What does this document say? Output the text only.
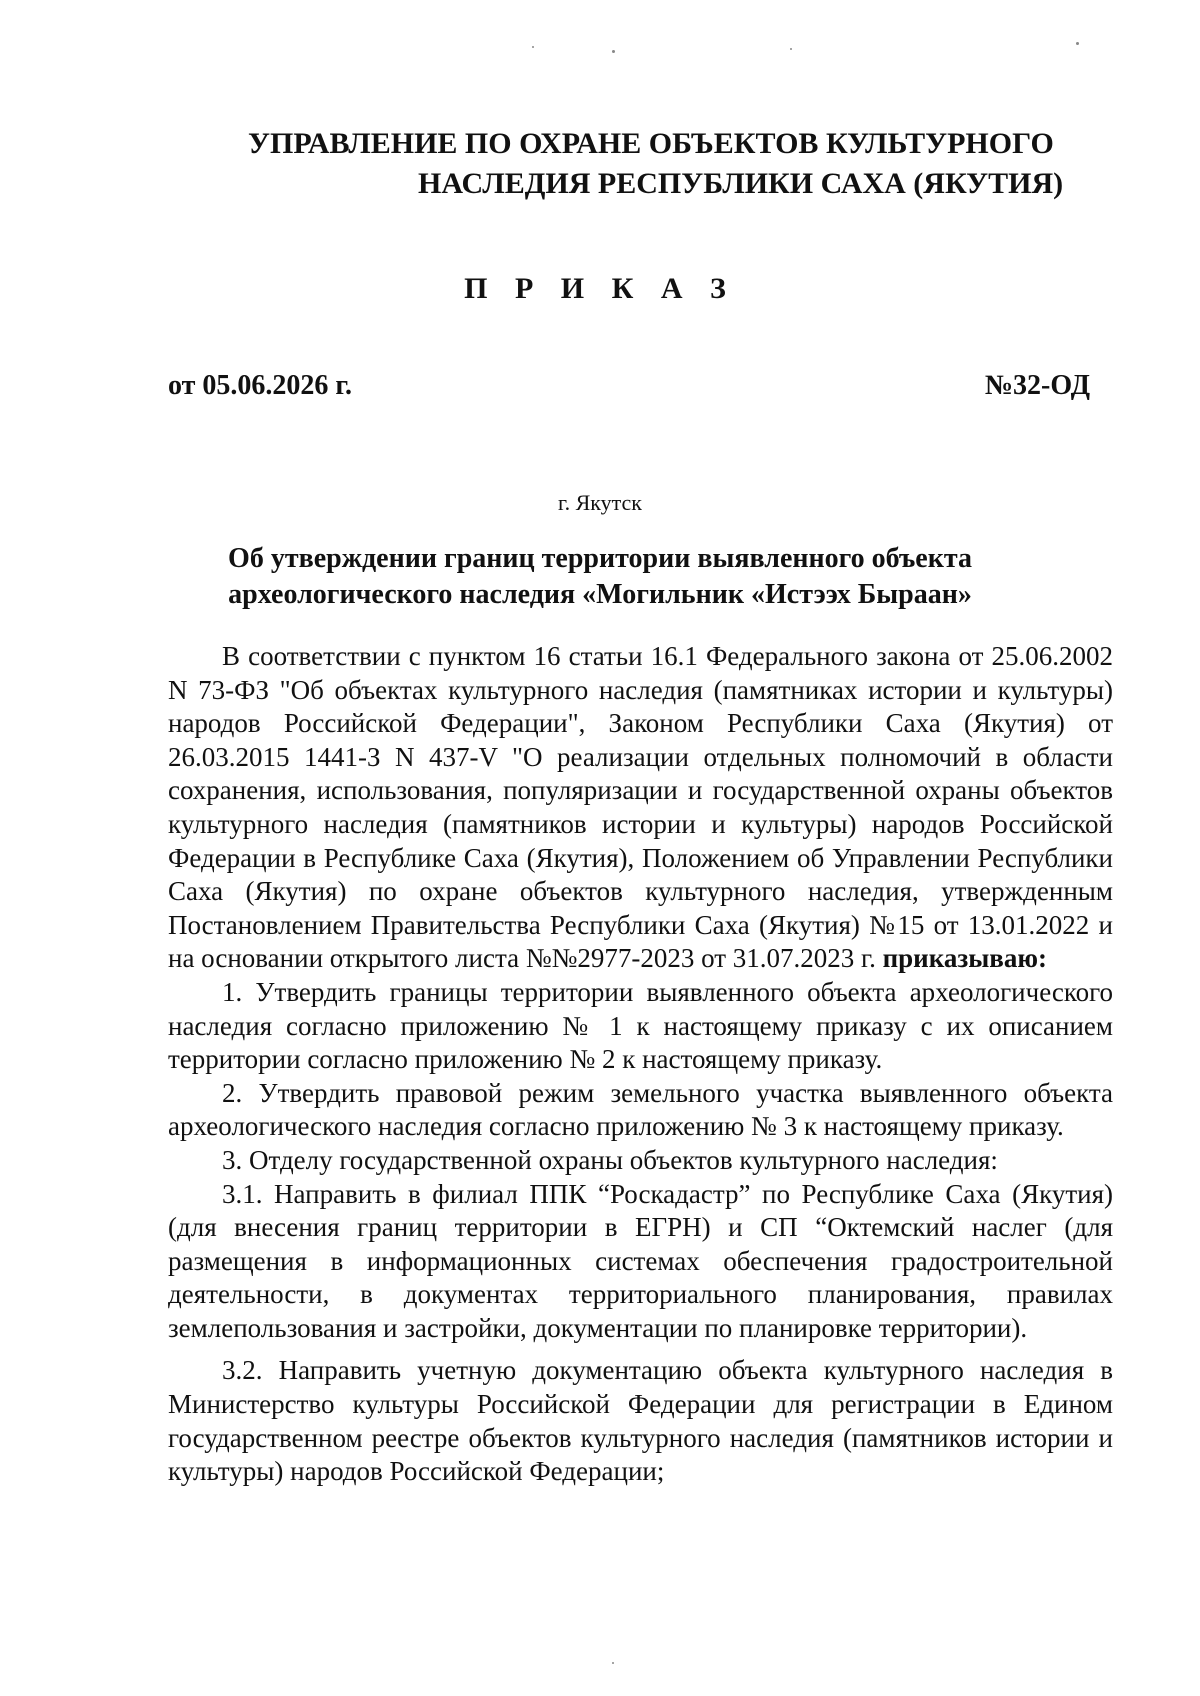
УПРАВЛЕНИЕ ПО ОХРАНЕ ОБЪЕКТОВ КУЛЬТУРНОГО
НАСЛЕДИЯ РЕСПУБЛИКИ САХА (ЯКУТИЯ)
П Р И К А З
от 05.06.2026 г.	№32-ОД
г. Якутск
Об утверждении границ территории выявленного объекта
археологического наследия «Могильник «Истээх Быраан»

В соответствии с пунктом 16 статьи 16.1 Федерального закона от 25.06.2002 N 73-ФЗ "Об объектах культурного наследия (памятниках истории и культуры) народов Российской Федерации", Законом Республики Саха (Якутия) от 26.03.2015 1441-З N 437-V "О реализации отдельных полномочий в области сохранения, использования, популяризации и государственной охраны объектов культурного наследия (памятников истории и культуры) народов Российской Федерации в Республике Саха (Якутия), Положением об Управлении Республики Саха (Якутия) по охране объектов культурного наследия, утвержденным Постановлением Правительства Республики Саха (Якутия) №15 от 13.01.2022 и на основании открытого листа №№2977-2023 от 31.07.2023 г. приказываю:

1. Утвердить границы территории выявленного объекта археологического наследия согласно приложению № 1 к настоящему приказу с их описанием территории согласно приложению № 2 к настоящему приказу.

2. Утвердить правовой режим земельного участка выявленного объекта археологического наследия согласно приложению № 3 к настоящему приказу.

3. Отделу государственной охраны объектов культурного наследия:

3.1. Направить в филиал ППК “Роскадастр” по Республике Саха (Якутия) (для внесения границ территории в ЕГРН) и СП “Октемский наслег (для размещения в информационных системах обеспечения градостроительной деятельности, в документах территориального планирования, правилах землепользования и застройки, документации по планировке территории).

3.2. Направить учетную документацию объекта культурного наследия в Министерство культуры Российской Федерации для регистрации в Едином государственном реестре объектов культурного наследия (памятников истории и культуры) народов Российской Федерации;
